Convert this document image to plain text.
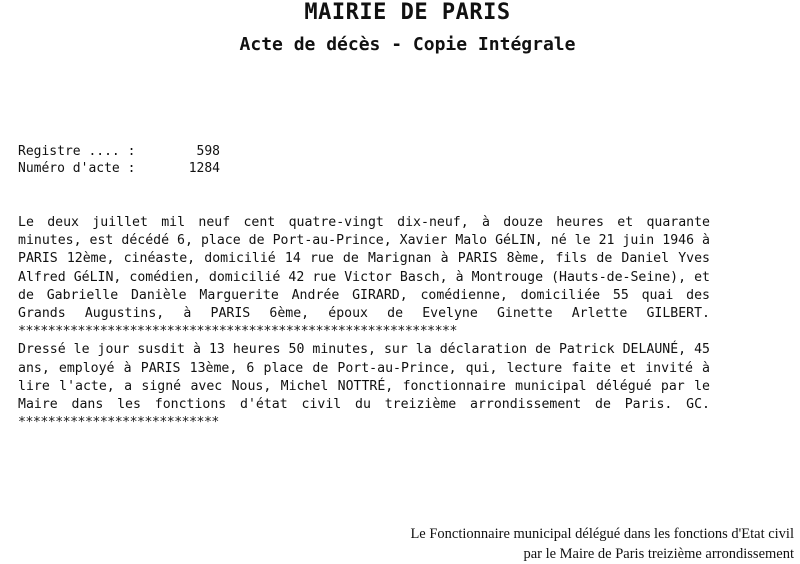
MAIRIE DE PARIS
Acte de décès - Copie Intégrale
Registre .... :	598
Numéro d'acte :	1284

Le deux juillet mil neuf cent quatre-vingt dix-neuf, à douze heures et quarante minutes, est décédé 6, place de Port-au-Prince, Xavier Malo GéLIN, né le 21 juin 1946 à PARIS 12ème, cinéaste, domicilié 14 rue de Marignan à PARIS 8ème, fils de Daniel Yves Alfred GéLIN, comédien, domicilié 42 rue Victor Basch, à Montrouge (Hauts-de-Seine), et de Gabrielle Danièle Marguerite Andrée GIRARD, comédienne, domiciliée 55 quai des Grands Augustins, à PARIS 6ème, époux de Evelyne Ginette Arlette GILBERT. ***********************************************************

Dressé le jour susdit à 13 heures 50 minutes, sur la déclaration de Patrick DELAUNÉ, 45 ans, employé à PARIS 13ème, 6 place de Port-au-Prince, qui, lecture faite et invité à lire l'acte, a signé avec Nous, Michel NOTTRÉ, fonctionnaire municipal délégué par le Maire dans les fonctions d'état civil du treizième arrondissement de Paris. GC. ***************************

Le Fonctionnaire municipal délégué dans les fonctions d'Etat civil
par le Maire de Paris treizième arrondissement
